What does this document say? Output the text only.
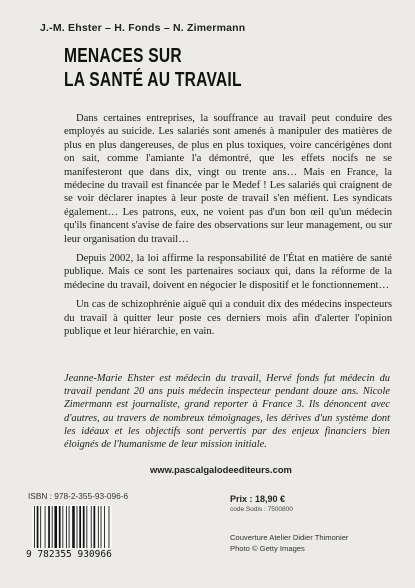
J.-M. Ehster – H. Fonds – N. Zimermann
MENACES SUR
LA SANTÉ AU TRAVAIL

Dans certaines entreprises, la souffrance au travail peut conduire des employés au suicide. Les salariés sont amenés à manipuler des matières de plus en plus dangereuses, de plus en plus toxiques, voire cancérigènes dont on sait, comme l'amiante l'a démontré, que les effets nocifs ne se manifesteront que dans dix, vingt ou trente ans… Mais en France, la médecine du travail est financée par le Medef ! Les salariés qui craignent de se voir déclarer inaptes à leur poste de travail s'en méfient. Les syndicats également… Les patrons, eux, ne voient pas d'un bon œil qu'un médecin qu'ils financent s'avise de faire des observations sur leur management, ou sur leur organisation du travail…

Depuis 2002, la loi affirme la responsabilité de l'État en matière de santé publique. Mais ce sont les partenaires sociaux qui, dans la réforme de la médecine du travail, doivent en négocier le dispositif et le fonctionnement…

Un cas de schizophrénie aiguë qui a conduit dix des médecins inspecteurs du travail à quitter leur poste ces derniers mois afin d'alerter l'opinion publique et leur hiérarchie, en vain.

Jeanne-Marie Ehster est médecin du travail, Hervé fonds fut médecin du travail pendant 20 ans puis médecin inspecteur pendant douze ans. Nicole Zimermann est journaliste, grand reporter à France 3. Ils dénoncent avec d'autres, au travers de nombreux témoignages, les dérives d'un système dont les idéaux et les objectifs sont pervertis par des enjeux financiers bien éloignés de l'humanisme de leur mission initiale.
www.pascalgalodeediteurs.com
ISBN : 978-2-355-93-096-6
9 782355 930966
Prix : 18,90 €
code Sodis : 7500800
Couverture Atelier Didier Thimonier
Photo © Getty Images
